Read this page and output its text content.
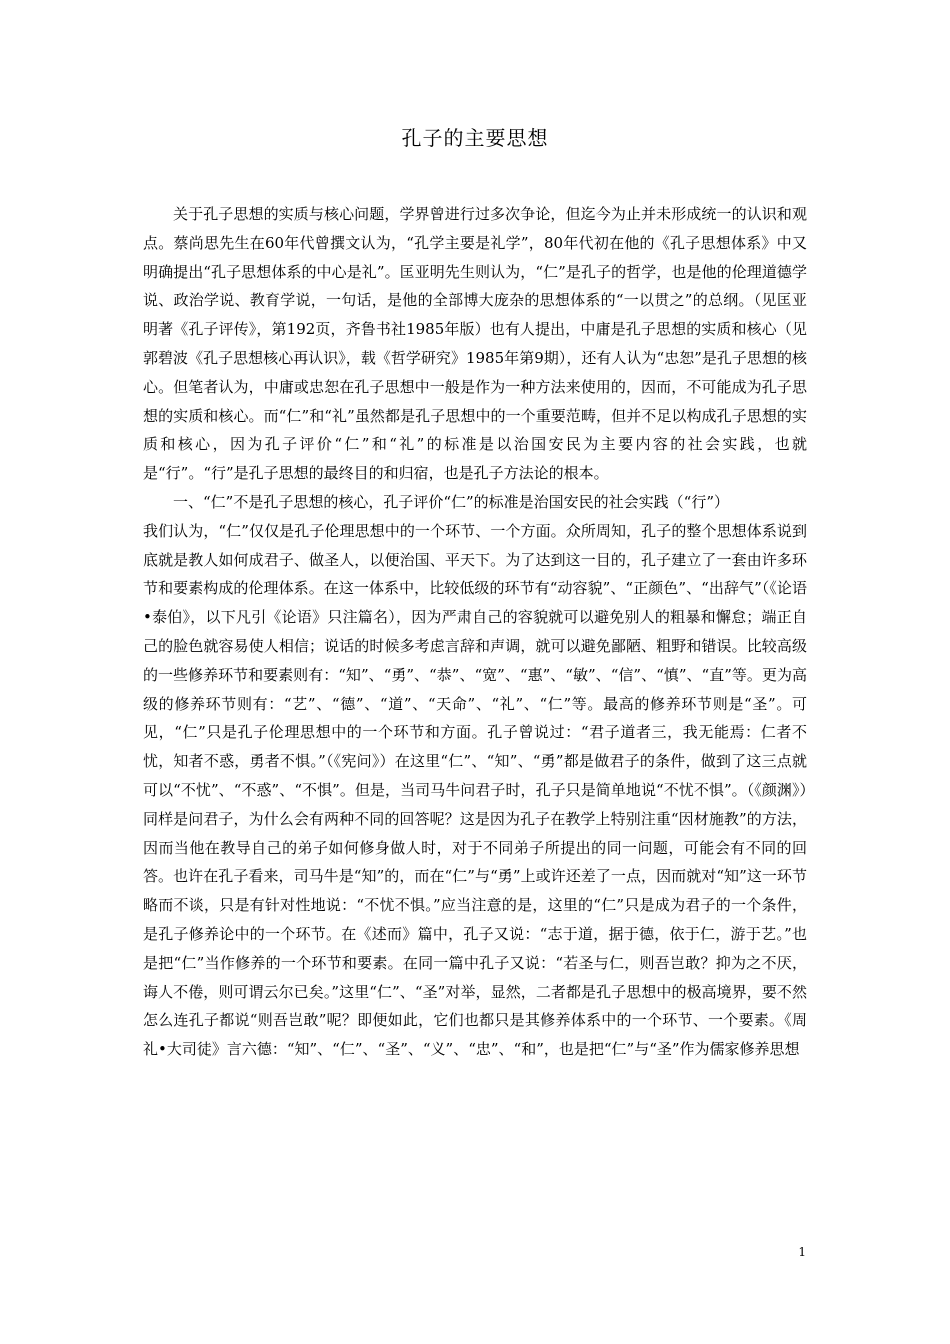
孔子的主要思想

关于孔子思想的实质与核心问题，学界曾进行过多次争论，但迄今为止并未形成统一的认识和观点。蔡尚思先生在60年代曾撰文认为，“孔学主要是礼学”，80年代初在他的《孔子思想体系》中又明确提出“孔子思想体系的中心是礼”。匡亚明先生则认为，“仁”是孔子的哲学，也是他的伦理道德学说、政治学说、教育学说，一句话，是他的全部博大庞杂的思想体系的“一以贯之”的总纲。（见匡亚明著《孔子评传》，第192页，齐鲁书社1985年版）也有人提出，中庸是孔子思想的实质和核心（见郭碧波《孔子思想核心再认识》，载《哲学研究》1985年第9期），还有人认为“忠恕”是孔子思想的核心。但笔者认为，中庸或忠恕在孔子思想中一般是作为一种方法来使用的，因而，不可能成为孔子思想的实质和核心。而“仁”和“礼”虽然都是孔子思想中的一个重要范畴，但并不足以构成孔子思想的实质和核心，因为孔子评价“仁”和“礼”的标准是以治国安民为主要内容的社会实践，也就是“行”。“行”是孔子思想的最终目的和归宿，也是孔子方法论的根本。

一、“仁”不是孔子思想的核心，孔子评价“仁”的标准是治国安民的社会实践（“行”）

我们认为，“仁”仅仅是孔子伦理思想中的一个环节、一个方面。众所周知，孔子的整个思想体系说到底就是教人如何成君子、做圣人，以便治国、平天下。为了达到这一目的，孔子建立了一套由许多环节和要素构成的伦理体系。在这一体系中，比较低级的环节有“动容貌”、“正颜色”、“出辞气”（《论语•泰伯》，以下凡引《论语》只注篇名），因为严肃自己的容貌就可以避免别人的粗暴和懈怠；端正自己的脸色就容易使人相信；说话的时候多考虑言辞和声调，就可以避免鄙陋、粗野和错误。比较高级的一些修养环节和要素则有：“知”、“勇”、“恭”、“宽”、“惠”、“敏”、“信”、“慎”、“直”等。更为高级的修养环节则有：“艺”、“德”、“道”、“天命”、“礼”、“仁”等。最高的修养环节则是“圣”。可见，“仁”只是孔子伦理思想中的一个环节和方面。孔子曾说过：“君子道者三，我无能焉：仁者不忧，知者不惑，勇者不惧。”（《宪问》）在这里“仁”、“知”、“勇”都是做君子的条件，做到了这三点就可以“不忧”、“不惑”、“不惧”。但是，当司马牛问君子时，孔子只是简单地说“不忧不惧”。（《颜渊》）同样是问君子，为什么会有两种不同的回答呢？这是因为孔子在教学上特别注重“因材施教”的方法，因而当他在教导自己的弟子如何修身做人时，对于不同弟子所提出的同一问题，可能会有不同的回答。也许在孔子看来，司马牛是“知”的，而在“仁”与“勇”上或许还差了一点，因而就对“知”这一环节略而不谈，只是有针对性地说：“不忧不惧。”应当注意的是，这里的“仁”只是成为君子的一个条件，是孔子修养论中的一个环节。在《述而》篇中，孔子又说：“志于道，据于德，依于仁，游于艺。”也是把“仁”当作修养的一个环节和要素。在同一篇中孔子又说：“若圣与仁，则吾岂敢？抑为之不厌，诲人不倦，则可谓云尔已矣。”这里“仁”、“圣”对举，显然，二者都是孔子思想中的极高境界，要不然怎么连孔子都说“则吾岂敢”呢？即便如此，它们也都只是其修养体系中的一个环节、一个要素。《周礼•大司徒》言六德：“知”、“仁”、“圣”、“义”、“忠”、“和”，也是把“仁”与“圣”作为儒家修养思想

1
